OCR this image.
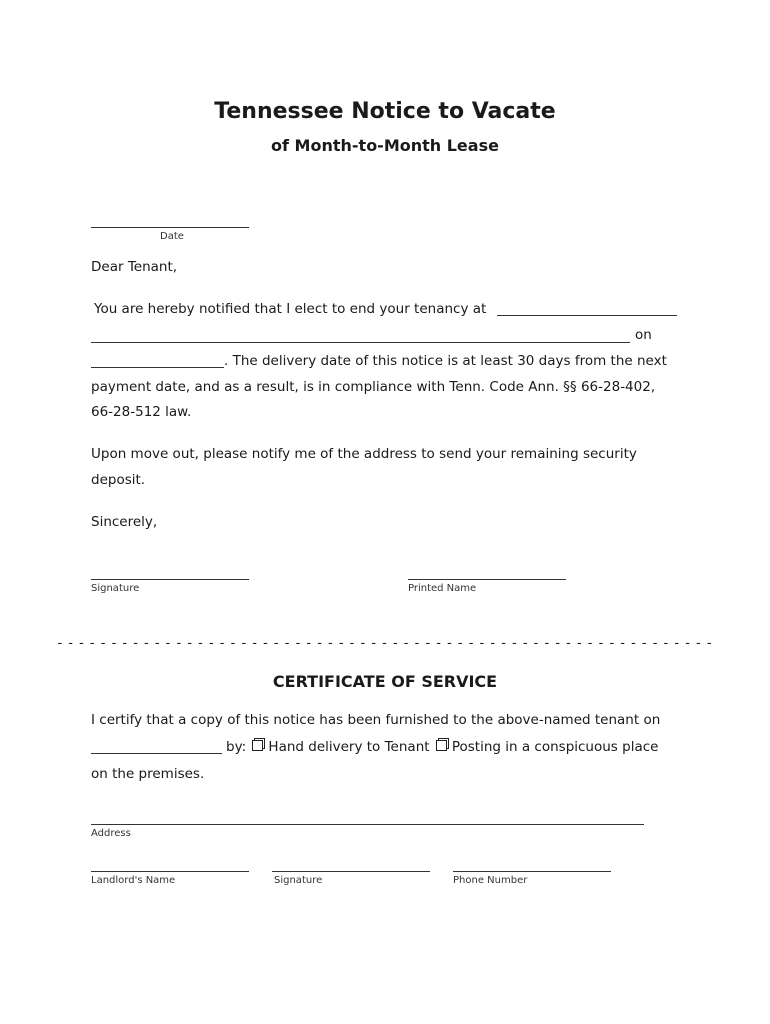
Tennessee Notice to Vacate
of Month-to-Month Lease
Date
Dear Tenant,
You are hereby notified that I elect to end your tenancy at
on
. The delivery date of this notice is at least 30 days from the next
payment date, and as a result, is in compliance with Tenn. Code Ann. §§ 66-28-402,
66-28-512 law.
Upon move out, please notify me of the address to send your remaining security
deposit.
Sincerely,
Signature	Printed Name
- - - - - - - - - - - - - - - - - - - - - - - - - - - - - - - - - - - - - - - - - - - - - - - - - - - - - - - - - - - - -
CERTIFICATE OF SERVICE
I certify that a copy of this notice has been furnished to the above-named tenant on
by: Hand delivery to Tenant Posting in a conspicuous place
on the premises.
Address
Landlord's Name	Signature	Phone Number
